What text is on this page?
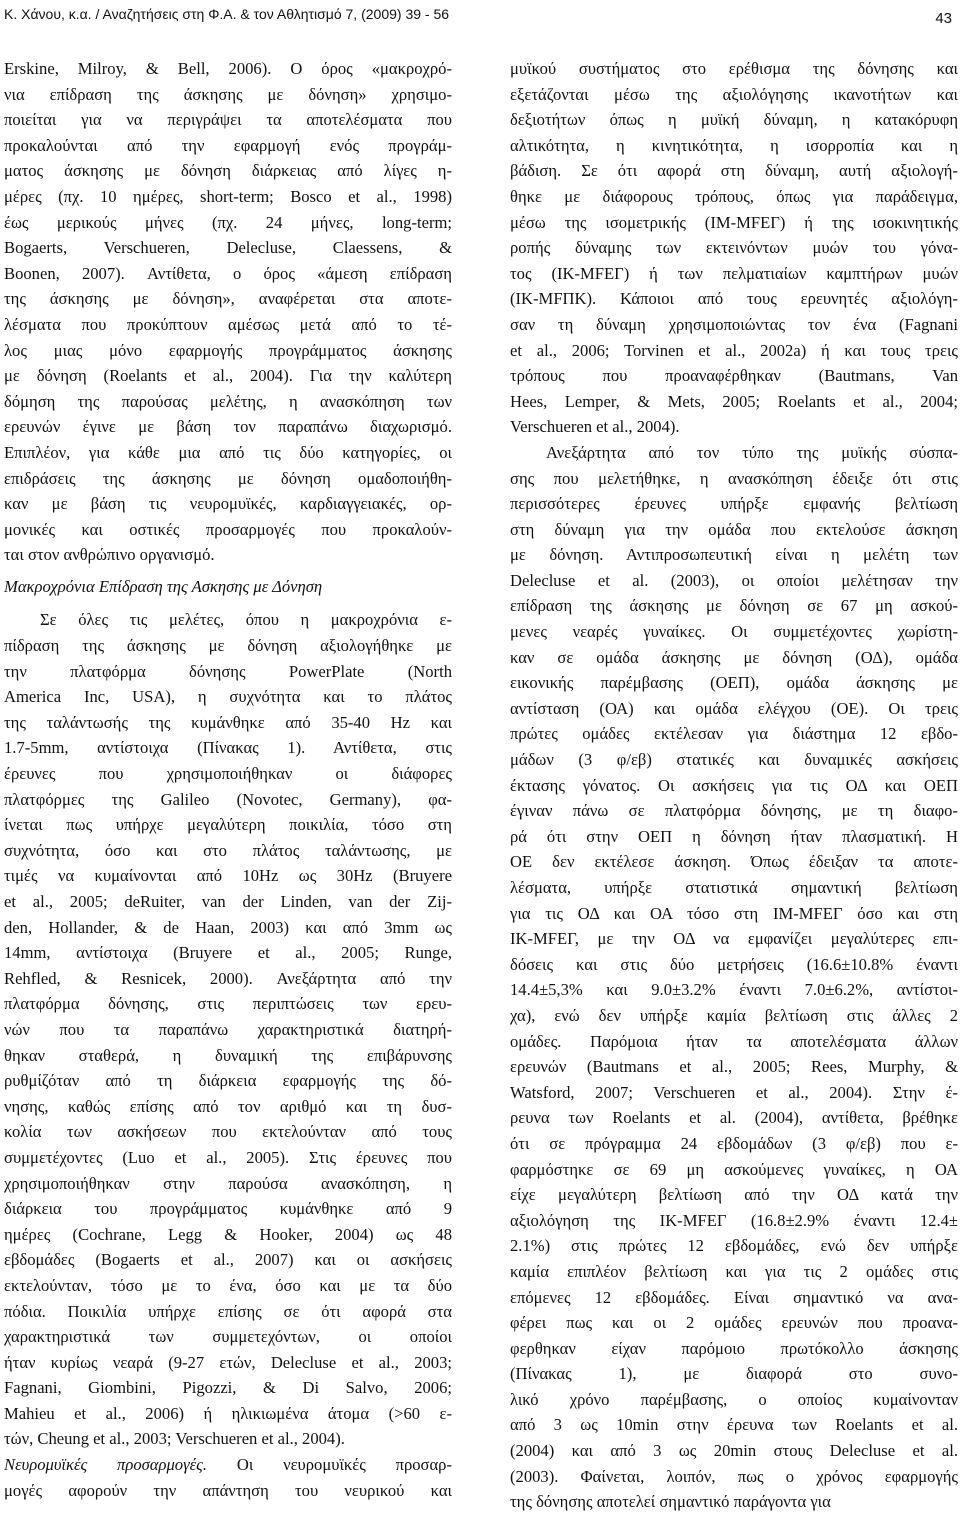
Κ. Χάνου, κ.α. / Αναζητήσεις στη Φ.Α. & τον Αθλητισμό 7, (2009) 39 - 56	43
Erskine, Milroy, & Bell, 2006). Ο όρος «μακροχρό-
νια επίδραση της άσκησης με δόνηση» χρησιμο-
ποιείται για να περιγράψει τα αποτελέσματα που
προκαλούνται από την εφαρμογή ενός προγράμ-
ματος άσκησης με δόνηση διάρκειας από λίγες η-
μέρες (πχ. 10 ημέρες, short-term; Bosco et al., 1998)
έως μερικούς μήνες (πχ. 24 μήνες, long-term;
Bogaerts, Verschueren, Delecluse, Claessens, &
Boonen, 2007). Αντίθετα, ο όρος «άμεση επίδραση
της άσκησης με δόνηση», αναφέρεται στα αποτε-
λέσματα που προκύπτουν αμέσως μετά από το τέ-
λος μιας μόνο εφαρμογής προγράμματος άσκησης
με δόνηση (Roelants et al., 2004). Για την καλύτερη
δόμηση της παρούσας μελέτης, η ανασκόπηση των
ερευνών έγινε με βάση τον παραπάνω διαχωρισμό.
Επιπλέον, για κάθε μια από τις δύο κατηγορίες, οι
επιδράσεις της άσκησης με δόνηση ομαδοποιήθη-
καν με βάση τις νευρομυϊκές, καρδιαγγειακές, ορ-
μονικές και οστικές προσαρμογές που προκαλούν-
ται στον ανθρώπινο οργανισμό.
Μακροχρόνια Επίδραση της Ασκησης με Δόνηση
Σε όλες τις μελέτες, όπου η μακροχρόνια ε-
πίδραση της άσκησης με δόνηση αξιολογήθηκε με
την πλατφόρμα δόνησης PowerPlate (North
America Inc, USA), η συχνότητα και το πλάτος
της ταλάντωσής της κυμάνθηκε από 35-40 Hz και
1.7-5mm, αντίστοιχα (Πίνακας 1). Αντίθετα, στις
έρευνες που χρησιμοποιήθηκαν οι διάφορες
πλατφόρμες της Galileo (Novotec, Germany), φα-
ίνεται πως υπήρχε μεγαλύτερη ποικιλία, τόσο στη
συχνότητα, όσο και στο πλάτος ταλάντωσης, με
τιμές να κυμαίνονται από 10Hz ως 30Hz (Bruyere
et al., 2005; deRuiter, van der Linden, van der Zij-
den, Hollander, & de Haan, 2003) και από 3mm ως
14mm, αντίστοιχα (Bruyere et al., 2005; Runge,
Rehfled, & Resnicek, 2000). Ανεξάρτητα από την
πλατφόρμα δόνησης, στις περιπτώσεις των ερευ-
νών που τα παραπάνω χαρακτηριστικά διατηρή-
θηκαν σταθερά, η δυναμική της επιβάρυνσης
ρυθμίζόταν από τη διάρκεια εφαρμογής της δό-
νησης, καθώς επίσης από τον αριθμό και τη δυσ-
κολία των ασκήσεων που εκτελούνταν από τους
συμμετέχοντες (Luo et al., 2005). Στις έρευνες που
χρησιμοποιήθηκαν στην παρούσα ανασκόπηση, η
διάρκεια του προγράμματος κυμάνθηκε από 9
ημέρες (Cochrane, Legg & Hooker, 2004) ως 48
εβδομάδες (Bogaerts et al., 2007) και οι ασκήσεις
εκτελούνταν, τόσο με το ένα, όσο και με τα δύο
πόδια. Ποικιλία υπήρχε επίσης σε ότι αφορά στα
χαρακτηριστικά των συμμετεχόντων, οι οποίοι
ήταν κυρίως νεαρά (9-27 ετών, Delecluse et al., 2003;
Fagnani, Giombini, Pigozzi, & Di Salvo, 2006;
Mahieu et al., 2006) ή ηλικιωμένα άτομα (>60 ε-
τών, Cheung et al., 2003; Verschueren et al., 2004).
Νευρομυϊκές προσαρμογές. Οι νευρομυϊκές προσαρ-
μογές αφορούν την απάντηση του νευρικού και
μυϊκού συστήματος στο ερέθισμα της δόνησης και
εξετάζονται μέσω της αξιολόγησης ικανοτήτων και
δεξιοτήτων όπως η μυϊκή δύναμη, η κατακόρυφη
αλτικότητα, η κινητικότητα, η ισορροπία και η
βάδιση. Σε ότι αφορά στη δύναμη, αυτή αξιολογή-
θηκε με διάφορους τρόπους, όπως για παράδειγμα,
μέσω της ισομετρικής (ΙΜ-MFΕΓ) ή της ισοκινητικής
ροπής δύναμης των εκτεινόντων μυών του γόνα-
τος (ΙΚ-MFΕΓ) ή των πελματιαίων καμπτήρων μυών
(ΙΚ-MFΠΚ). Κάποιοι από τους ερευνητές αξιολόγη-
σαν τη δύναμη χρησιμοποιώντας τον ένα (Fagnani
et al., 2006; Torvinen et al., 2002a) ή και τους τρεις
τρόπους που προαναφέρθηκαν (Bautmans, Van
Hees, Lemper, & Mets, 2005; Roelants et al., 2004;
Verschueren et al., 2004).
Ανεξάρτητα από τον τύπο της μυϊκής σύσπα-
σης που μελετήθηκε, η ανασκόπηση έδειξε ότι στις
περισσότερες έρευνες υπήρξε εμφανής βελτίωση
στη δύναμη για την ομάδα που εκτελούσε άσκηση
με δόνηση. Αντιπροσωπευτική είναι η μελέτη των
Delecluse et al. (2003), οι οποίοι μελέτησαν την
επίδραση της άσκησης με δόνηση σε 67 μη ασκού-
μενες νεαρές γυναίκες. Οι συμμετέχοντες χωρίστη-
καν σε ομάδα άσκησης με δόνηση (ΟΔ), ομάδα
εικονικής παρέμβασης (ΟΕΠ), ομάδα άσκησης με
αντίσταση (ΟΑ) και ομάδα ελέγχου (ΟΕ). Οι τρεις
πρώτες ομάδες εκτέλεσαν για διάστημα 12 εβδο-
μάδων (3 φ/εβ) στατικές και δυναμικές ασκήσεις
έκτασης γόνατος. Οι ασκήσεις για τις ΟΔ και ΟΕΠ
έγιναν πάνω σε πλατφόρμα δόνησης, με τη διαφο-
ρά ότι στην ΟΕΠ η δόνηση ήταν πλασματική. Η
ΟΕ δεν εκτέλεσε άσκηση. Όπως έδειξαν τα αποτε-
λέσματα, υπήρξε στατιστικά σημαντική βελτίωση
για τις ΟΔ και ΟΑ τόσο στη ΙΜ-MFΕΓ όσο και στη
ΙΚ-MFΕΓ, με την ΟΔ να εμφανίζει μεγαλύτερες επι-
δόσεις και στις δύο μετρήσεις (16.6±10.8% έναντι
14.4±5,3% και 9.0±3.2% έναντι 7.0±6.2%, αντίστοι-
χα), ενώ δεν υπήρξε καμία βελτίωση στις άλλες 2
ομάδες. Παρόμοια ήταν τα αποτελέσματα άλλων
ερευνών (Bautmans et al., 2005; Rees, Murphy, &
Watsford, 2007; Verschueren et al., 2004). Στην έ-
ρευνα των Roelants et al. (2004), αντίθετα, βρέθηκε
ότι σε πρόγραμμα 24 εβδομάδων (3 φ/εβ) που ε-
φαρμόστηκε σε 69 μη ασκούμενες γυναίκες, η ΟΑ
είχε μεγαλύτερη βελτίωση από την ΟΔ κατά την
αξιολόγηση της ΙΚ-MFΕΓ (16.8±2.9% έναντι 12.4±
2.1%) στις πρώτες 12 εβδομάδες, ενώ δεν υπήρξε
καμία επιπλέον βελτίωση και για τις 2 ομάδες στις
επόμενες 12 εβδομάδες. Είναι σημαντικό να ανα-
φέρει πως και οι 2 ομάδες ερευνών που προανα-
φερθηκαν είχαν παρόμοιο πρωτόκολλο άσκησης
(Πίνακας 1), με διαφορά στο συνο-
λικό χρόνο παρέμβασης, ο οποίος κυμαίνονταν
από 3 ως 10min στην έρευνα των Roelants et al.
(2004) και από 3 ως 20min στους Delecluse et al.
(2003). Φαίνεται, λοιπόν, πως ο χρόνος εφαρμογής
της δόνησης αποτελεί σημαντικό παράγοντα για
